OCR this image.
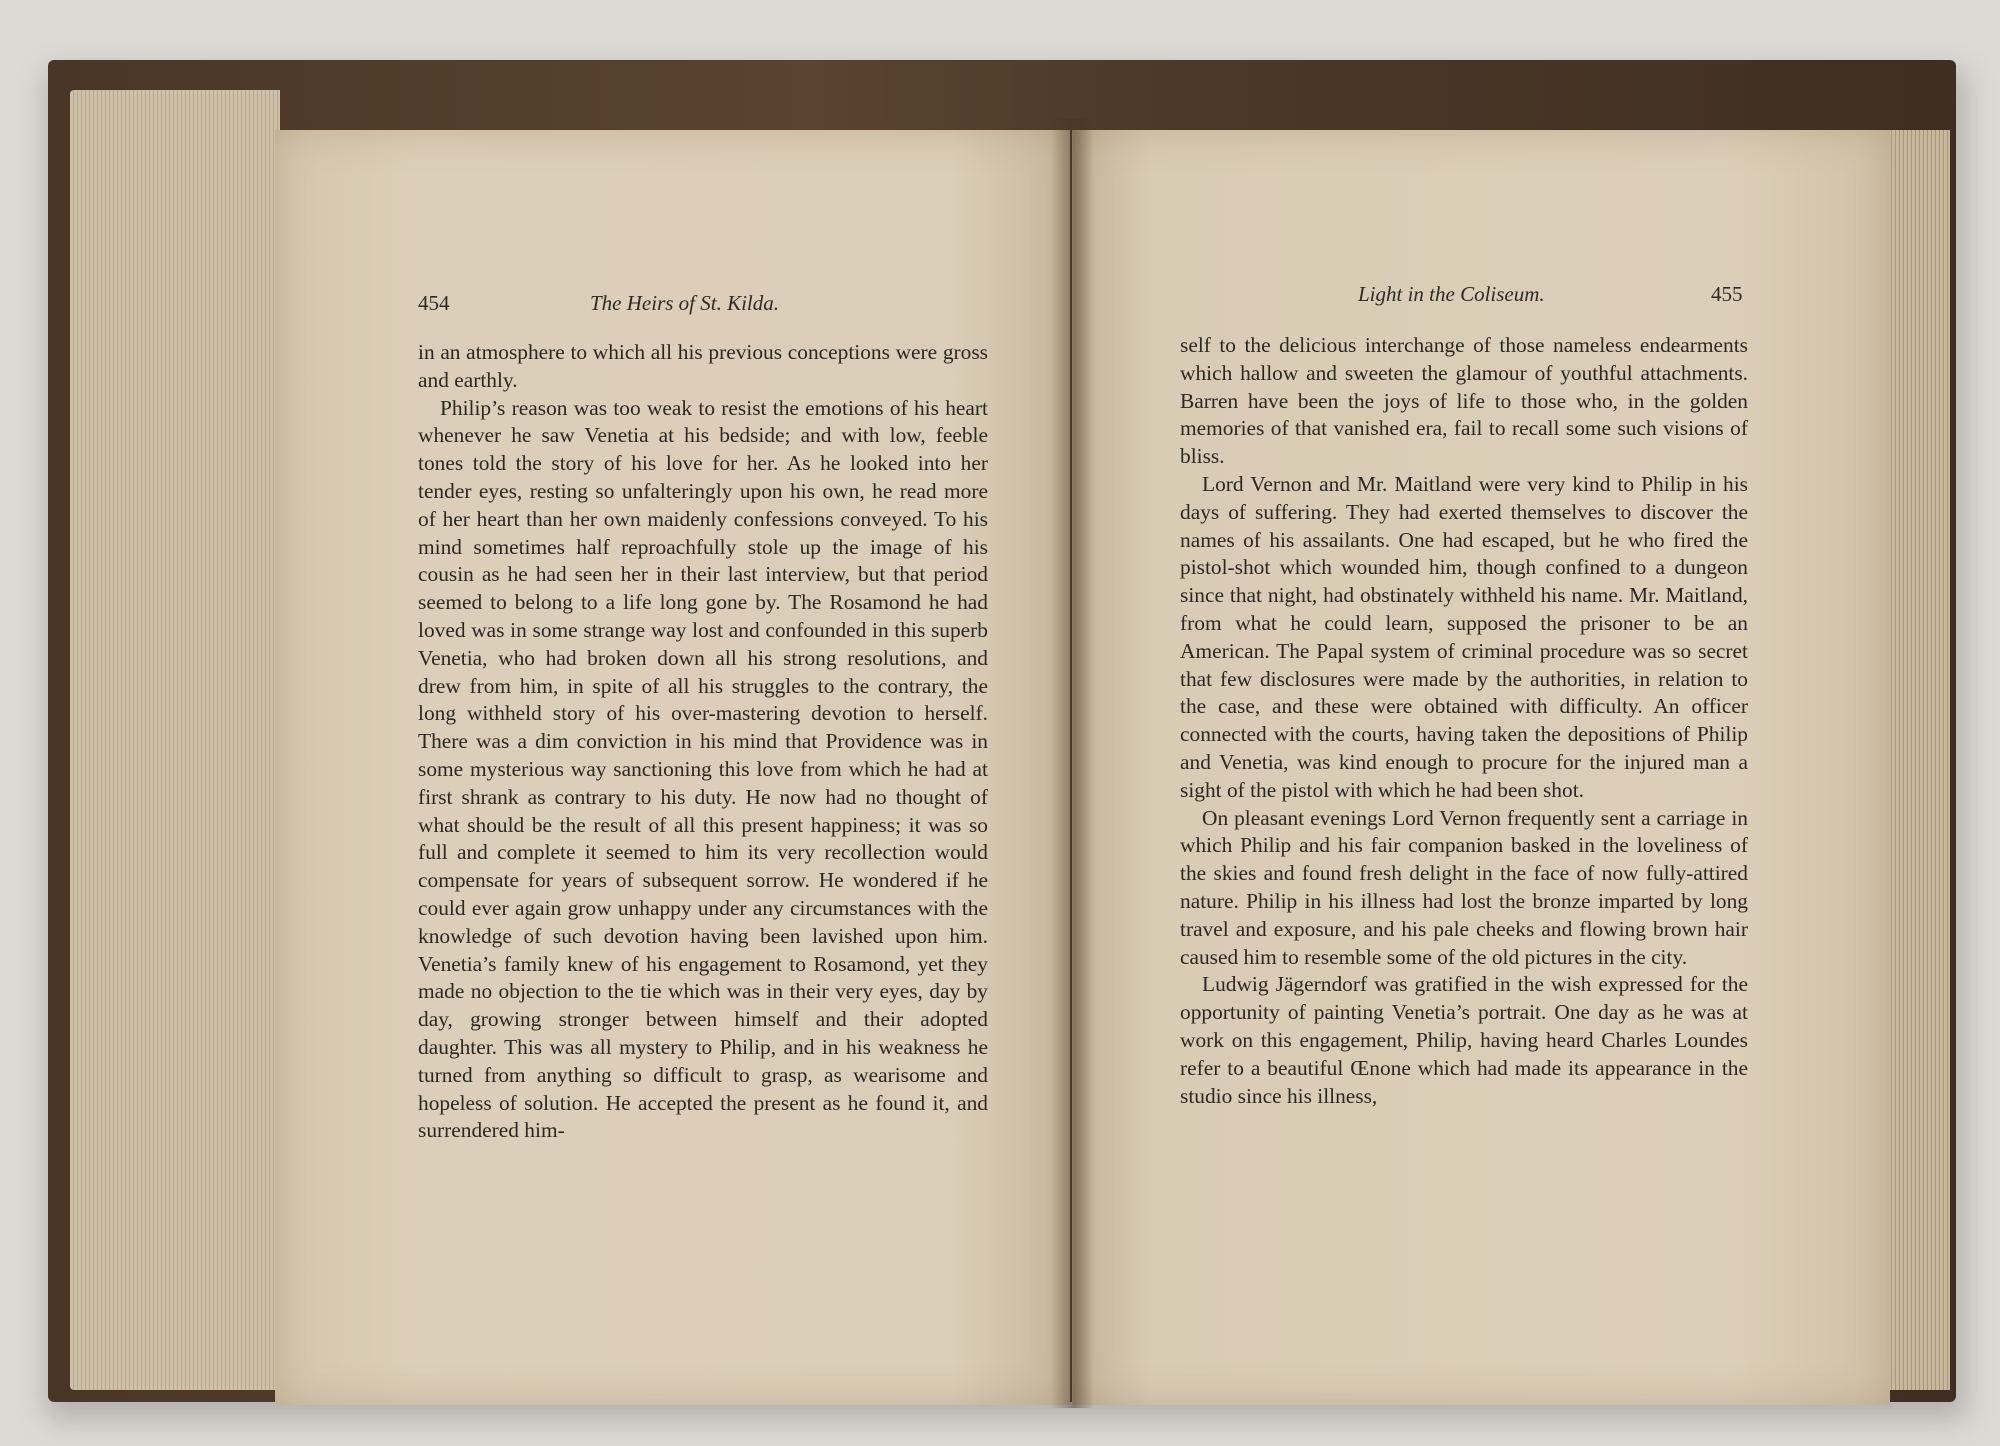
454	The Heirs of St. Kilda.

in an atmosphere to which all his previous conceptions were gross and earthly.

Philip’s reason was too weak to resist the emotions of his heart whenever he saw Venetia at his bedside; and with low, feeble tones told the story of his love for her. As he looked into her tender eyes, resting so unfalteringly upon his own, he read more of her heart than her own maidenly confessions conveyed. To his mind sometimes half reproachfully stole up the image of his cousin as he had seen her in their last interview, but that period seemed to belong to a life long gone by. The Rosamond he had loved was in some strange way lost and confounded in this superb Venetia, who had broken down all his strong resolutions, and drew from him, in spite of all his struggles to the contrary, the long withheld story of his over-mastering devotion to herself. There was a dim conviction in his mind that Providence was in some mysterious way sanctioning this love from which he had at first shrank as contrary to his duty. He now had no thought of what should be the result of all this present happiness; it was so full and complete it seemed to him its very recollection would compensate for years of subsequent sorrow. He wondered if he could ever again grow unhappy under any circumstances with the knowledge of such devotion having been lavished upon him. Venetia’s family knew of his engagement to Rosamond, yet they made no objection to the tie which was in their very eyes, day by day, growing stronger between himself and their adopted daughter. This was all mystery to Philip, and in his weakness he turned from anything so difficult to grasp, as wearisome and hopeless of solution. He accepted the present as he found it, and surrendered him-

Light in the Coliseum.	455

self to the delicious interchange of those nameless endearments which hallow and sweeten the glamour of youthful attachments. Barren have been the joys of life to those who, in the golden memories of that vanished era, fail to recall some such visions of bliss.

Lord Vernon and Mr. Maitland were very kind to Philip in his days of suffering. They had exerted themselves to discover the names of his assailants. One had escaped, but he who fired the pistol-shot which wounded him, though confined to a dungeon since that night, had obstinately withheld his name. Mr. Maitland, from what he could learn, supposed the prisoner to be an American. The Papal system of criminal procedure was so secret that few disclosures were made by the authorities, in relation to the case, and these were obtained with difficulty. An officer connected with the courts, having taken the depositions of Philip and Venetia, was kind enough to procure for the injured man a sight of the pistol with which he had been shot.

On pleasant evenings Lord Vernon frequently sent a carriage in which Philip and his fair companion basked in the loveliness of the skies and found fresh delight in the face of now fully-attired nature. Philip in his illness had lost the bronze imparted by long travel and exposure, and his pale cheeks and flowing brown hair caused him to resemble some of the old pictures in the city.

Ludwig Jägerndorf was gratified in the wish expressed for the opportunity of painting Venetia’s portrait. One day as he was at work on this engagement, Philip, having heard Charles Loundes refer to a beautiful Œnone which had made its appearance in the studio since his illness,
